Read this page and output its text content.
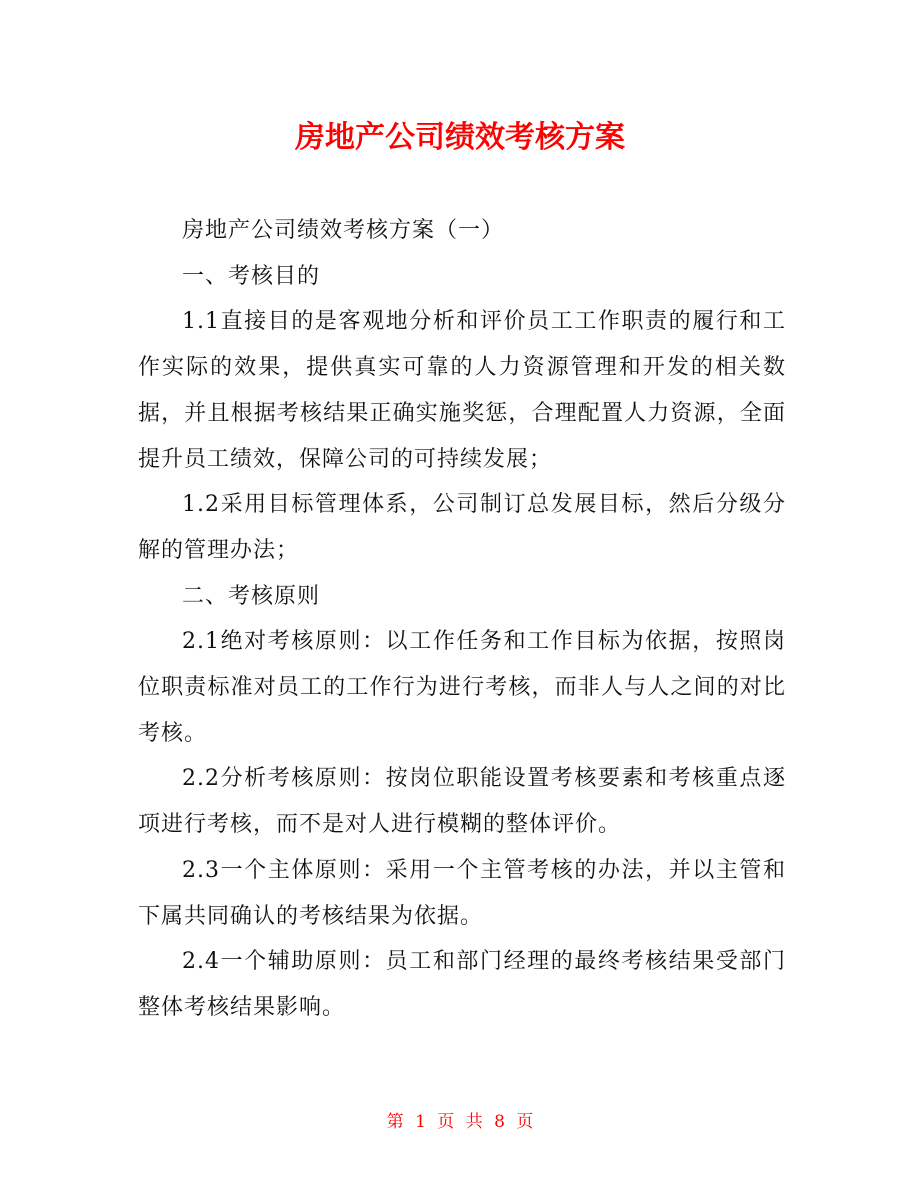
房地产公司绩效考核方案

房地产公司绩效考核方案（一）

一、考核目的

1.1直接目的是客观地分析和评价员工工作职责的履行和工作实际的效果，提供真实可靠的人力资源管理和开发的相关数据，并且根据考核结果正确实施奖惩，合理配置人力资源，全面提升员工绩效，保障公司的可持续发展；

1.2采用目标管理体系，公司制订总发展目标，然后分级分解的管理办法；

二、考核原则

2.1绝对考核原则：以工作任务和工作目标为依据，按照岗位职责标准对员工的工作行为进行考核，而非人与人之间的对比考核。

2.2分析考核原则：按岗位职能设置考核要素和考核重点逐项进行考核，而不是对人进行模糊的整体评价。

2.3一个主体原则：采用一个主管考核的办法，并以主管和下属共同确认的考核结果为依据。

2.4一个辅助原则：员工和部门经理的最终考核结果受部门整体考核结果影响。

第 1 页 共 8 页
